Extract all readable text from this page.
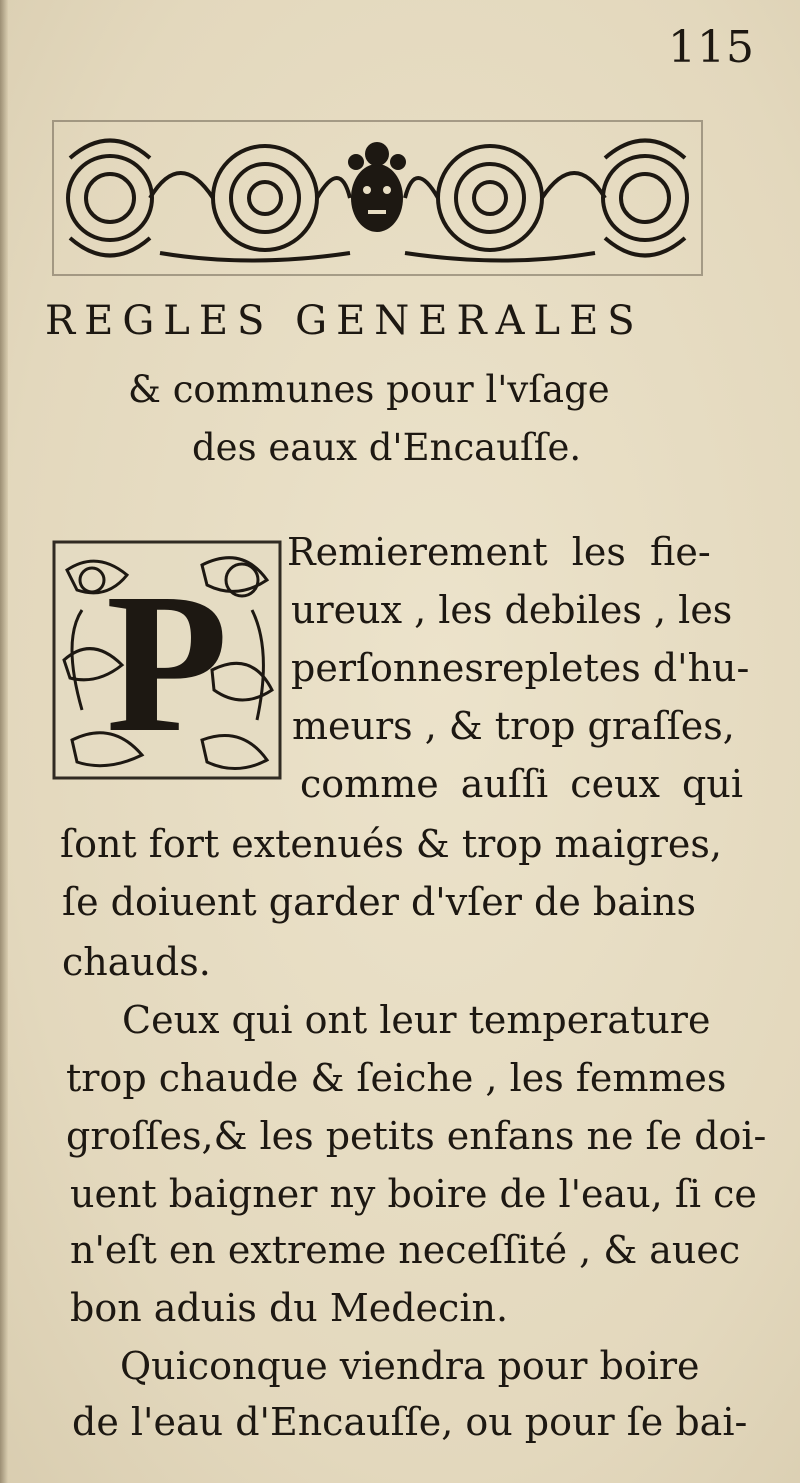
115
REGLES GENERALES
& communes pour l'vſage
des eaux d'Encauſſe.
P
Remierement les fie-
ureux , les debiles , les
perſonnesrepletes d'hu-
meurs , & trop graſſes,
comme auſſi ceux qui
ſont fort extenués & trop maigres,
ſe doiuent garder d'vſer de bains
chauds.
Ceux qui ont leur temperature
trop chaude & ſeiche , les femmes
groſſes,& les petits enfans ne ſe doi-
uent baigner ny boire de l'eau, ſi ce
n'eſt en extreme neceſſité , & auec
bon aduis du Medecin.
Quiconque viendra pour boire
de l'eau d'Encauſſe, ou pour ſe bai-
